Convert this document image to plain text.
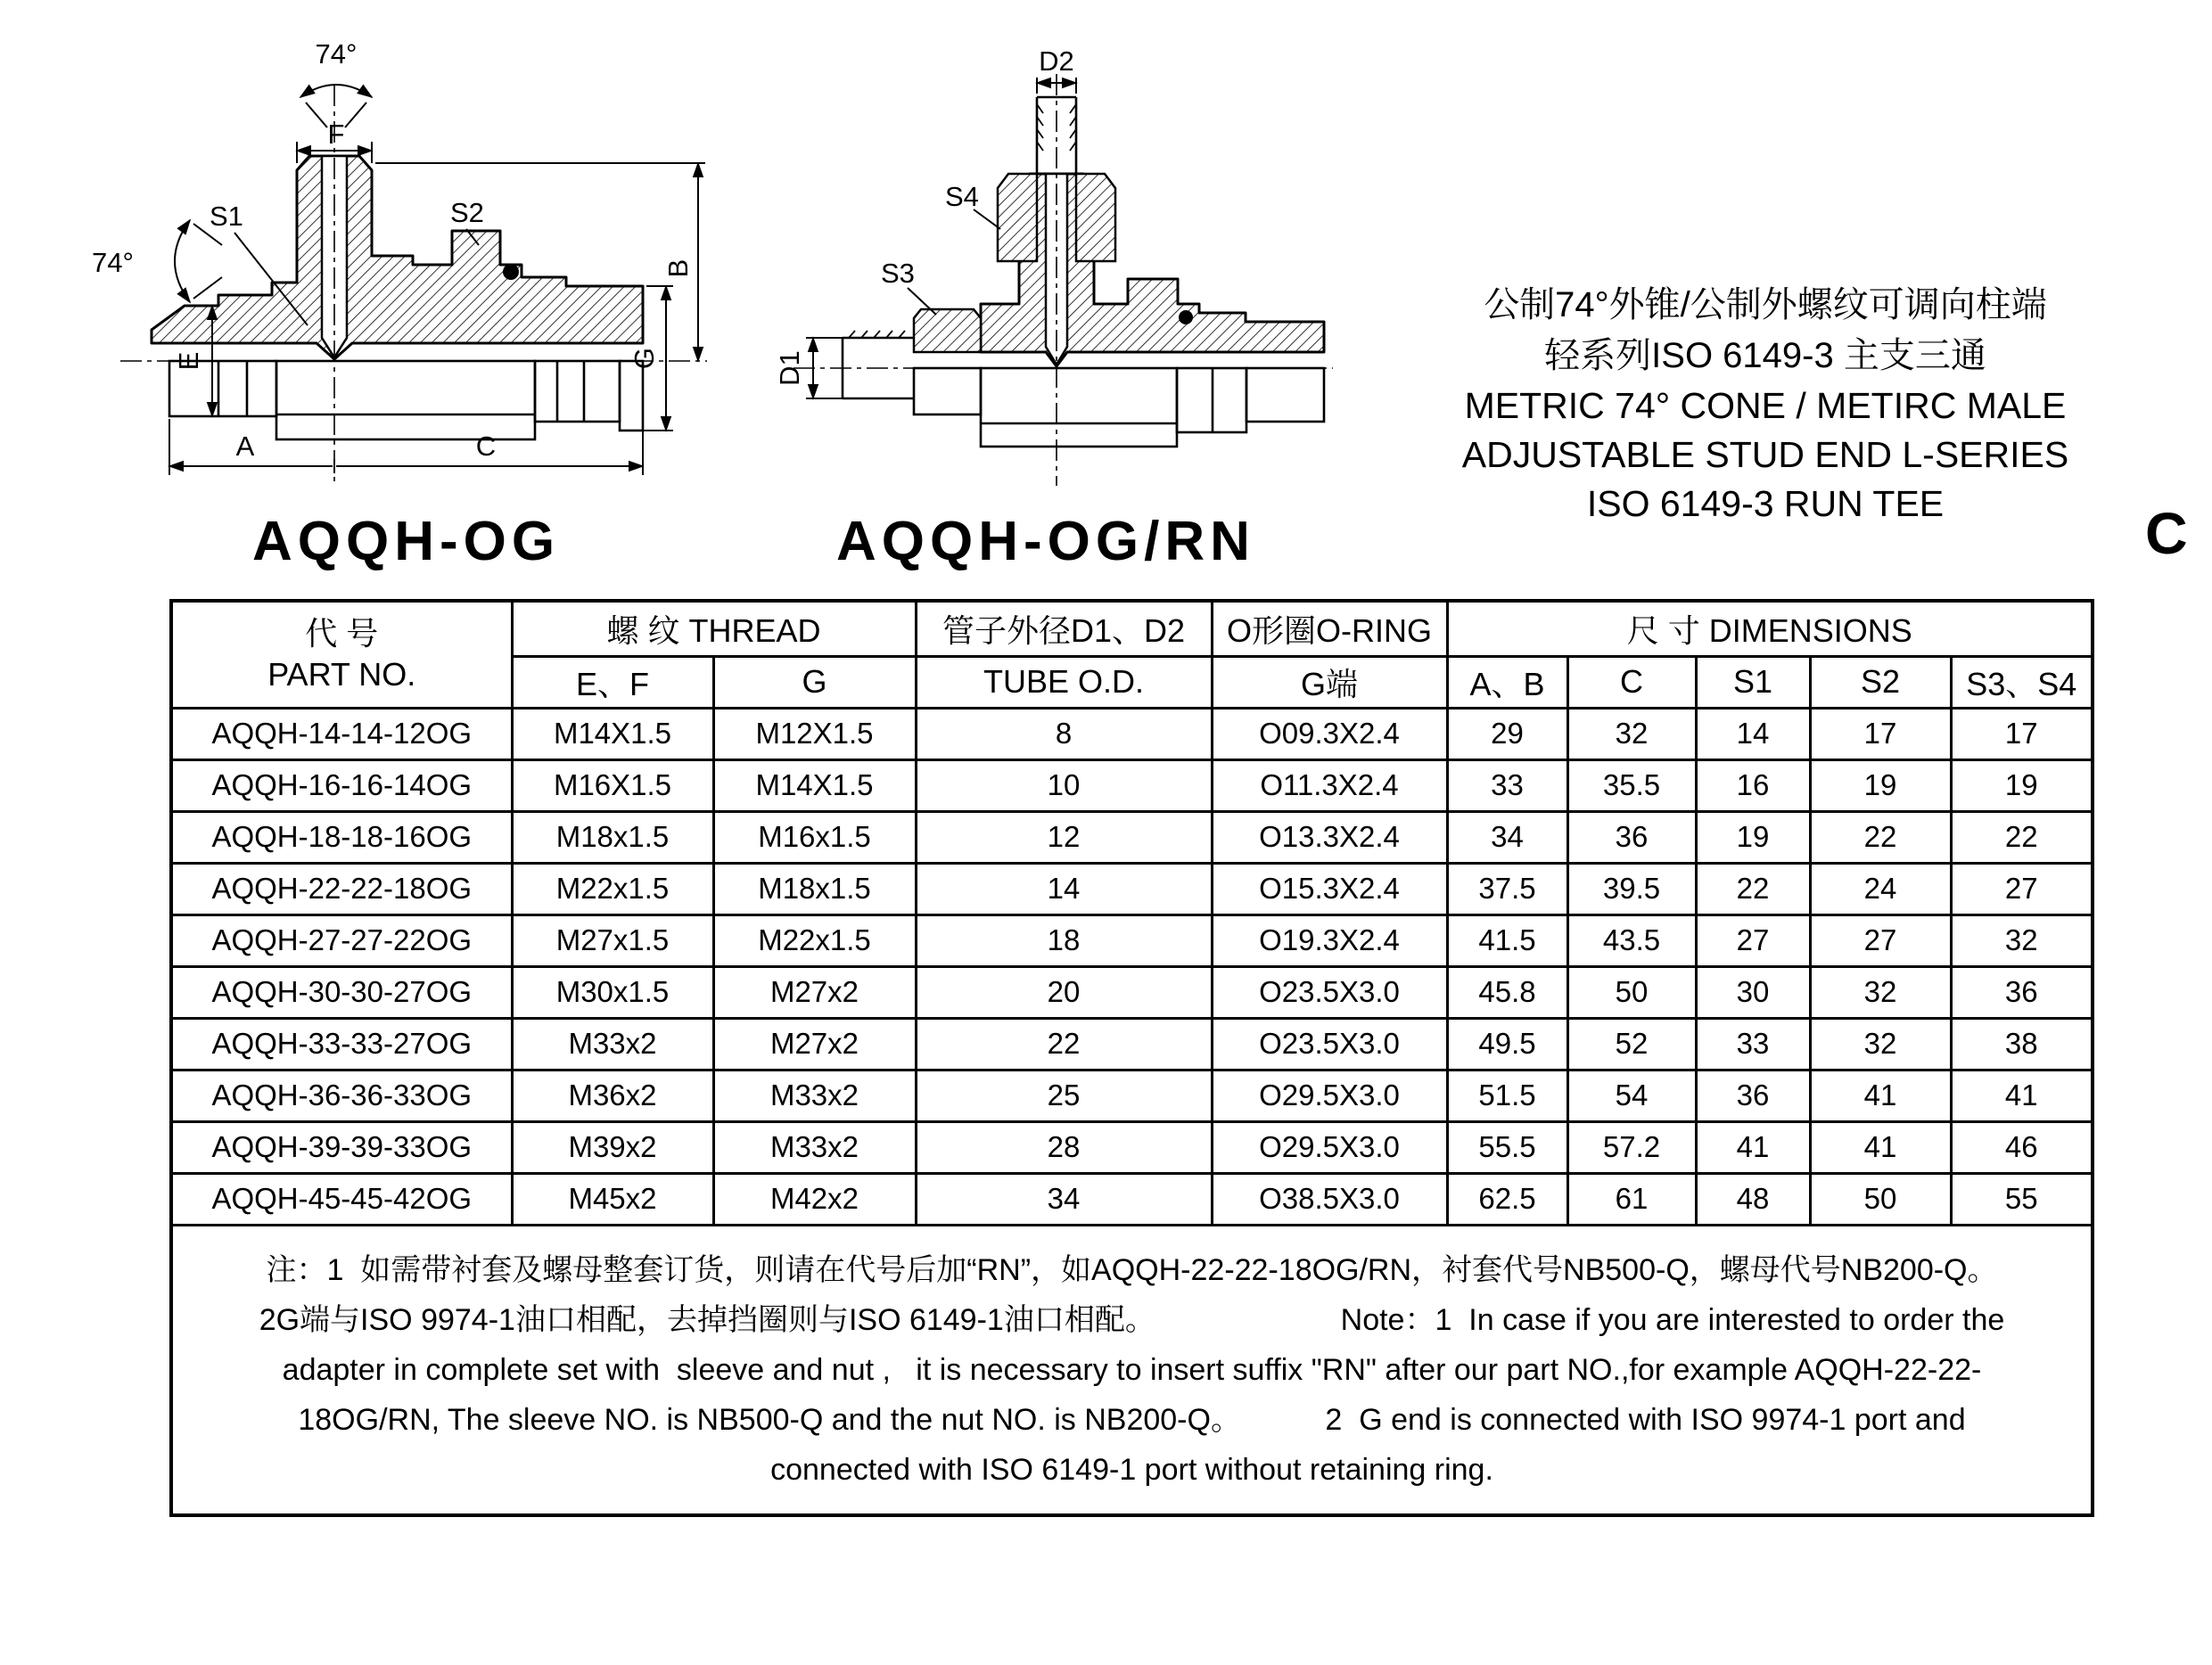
74°
F
S1	S2
B
G
E
74°
A	C
D2
S4
S3
D1
公制74°外锥/公制外螺纹可调向柱端
轻系列ISO 6149-3 主支三通
METRIC 74° CONE / METIRC MALE
ADJUSTABLE STUD END L-SERIES
ISO 6149-3 RUN TEE
AQQH-OG	AQQH-OG/RN	C
代 号
PART NO.	螺 纹 THREAD		管子外径D1、D2	O形圈O-RING	尺 寸 DIMENSIONS				
	E、F	G	TUBE O.D.	G端	A、B	C	S1	S2	S3、S4
AQQH-14-14-12OG	M14X1.5	M12X1.5	8	O09.3X2.4	29	32	14	17	17
AQQH-16-16-14OG	M16X1.5	M14X1.5	10	O11.3X2.4	33	35.5	16	19	19
AQQH-18-18-16OG	M18x1.5	M16x1.5	12	O13.3X2.4	34	36	19	22	22
AQQH-22-22-18OG	M22x1.5	M18x1.5	14	O15.3X2.4	37.5	39.5	22	24	27
AQQH-27-27-22OG	M27x1.5	M22x1.5	18	O19.3X2.4	41.5	43.5	27	27	32
AQQH-30-30-27OG	M30x1.5	M27x2	20	O23.5X3.0	45.8	50	30	32	36
AQQH-33-33-27OG	M33x2	M27x2	22	O23.5X3.0	49.5	52	33	32	38
AQQH-36-36-33OG	M36x2	M33x2	25	O29.5X3.0	51.5	54	36	41	41
AQQH-39-39-33OG	M39x2	M33x2	28	O29.5X3.0	55.5	57.2	41	41	46
AQQH-45-45-42OG	M45x2	M42x2	34	O38.5X3.0	62.5	61	48	50	55

注：1  如需带衬套及螺母整套订货，则请在代号后加“RN”，如AQQH-22-22-18OG/RN，衬套代号NB500-Q，螺母代号NB200-Q。
2G端与ISO 9974-1油口相配，去掉挡圈则与ISO 6149-1油口相配。                      Note：1  In case if you are interested to order the
adapter in complete set with  sleeve and nut ,   it is necessary to insert suffix "RN" after our part NO.,for example AQQH-22-22-
18OG/RN, The sleeve NO. is NB500-Q and the nut NO. is NB200-Q。          2  G end is connected with ISO 9974-1 port and
connected with ISO 6149-1 port without retaining ring.									
